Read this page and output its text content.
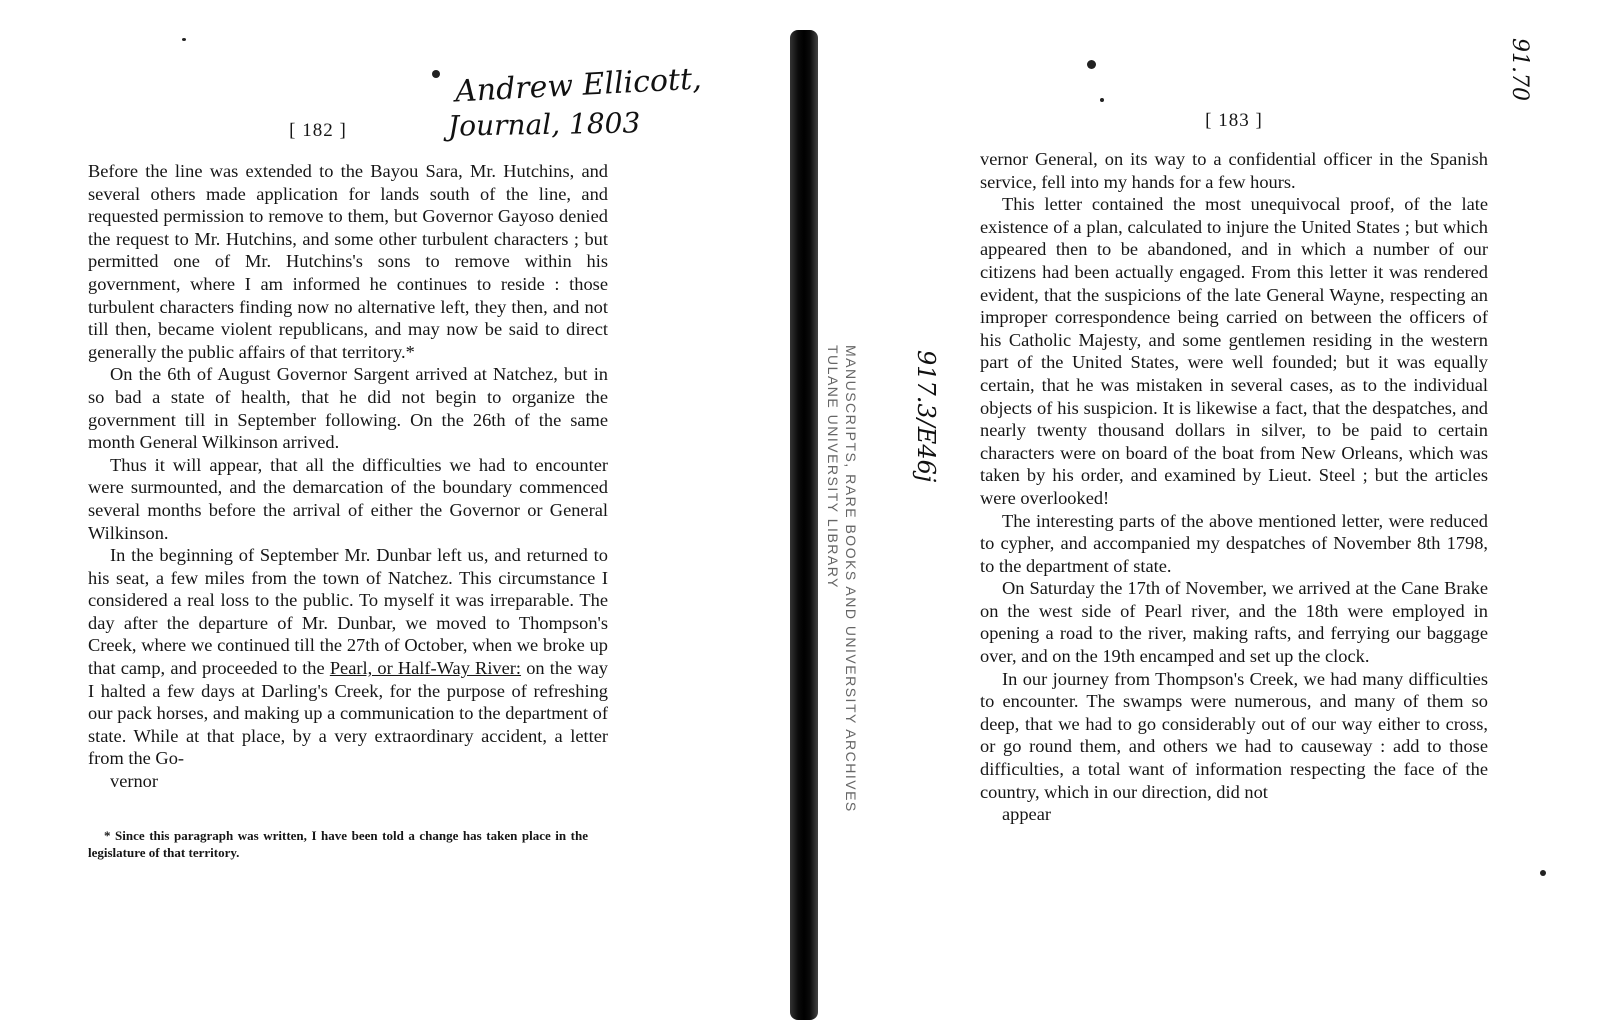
Andrew Ellicott,
Journal, 1803
91.70
917.3/E46j
MANUSCRIPTS, RARE BOOKS AND UNIVERSITY ARCHIVES
TULANE UNIVERSITY LIBRARY
[ 182 ]

Before the line was extended to the Bayou Sara, Mr. Hutchins, and several others made application for lands south of the line, and requested permission to remove to them, but Governor Gayoso denied the request to Mr. Hutchins, and some other turbulent characters ; but permitted one of Mr. Hutchins's sons to remove within his government, where I am informed he continues to reside : those turbulent characters finding now no alternative left, they then, and not till then, became violent republicans, and may now be said to direct generally the public affairs of that territory.*

On the 6th of August Governor Sargent arrived at Natchez, but in so bad a state of health, that he did not begin to organize the government till in September following. On the 26th of the same month General Wilkinson arrived.

Thus it will appear, that all the difficulties we had to encounter were surmounted, and the demarcation of the boundary commenced several months before the arrival of either the Governor or General Wilkinson.

In the beginning of September Mr. Dunbar left us, and returned to his seat, a few miles from the town of Natchez. This circumstance I considered a real loss to the public. To myself it was irreparable. The day after the departure of Mr. Dunbar, we moved to Thompson's Creek, where we continued till the 27th of October, when we broke up that camp, and proceeded to the Pearl, or Half-Way River: on the way I halted a few days at Darling's Creek, for the purpose of refreshing our pack horses, and making up a communication to the department of state. While at that place, by a very extraordinary accident, a letter from the Go-

vernor

* Since this paragraph was written, I have been told a change has taken place in the legislature of that territory.
[ 183 ]

vernor General, on its way to a confidential officer in the Spanish service, fell into my hands for a few hours.

This letter contained the most unequivocal proof, of the late existence of a plan, calculated to injure the United States ; but which appeared then to be abandoned, and in which a number of our citizens had been actually engaged. From this letter it was rendered evident, that the suspicions of the late General Wayne, respecting an improper correspondence being carried on between the officers of his Catholic Majesty, and some gentlemen residing in the western part of the United States, were well founded; but it was equally certain, that he was mistaken in several cases, as to the individual objects of his suspicion. It is likewise a fact, that the despatches, and nearly twenty thousand dollars in silver, to be paid to certain characters were on board of the boat from New Orleans, which was taken by his order, and examined by Lieut. Steel ; but the articles were overlooked!

The interesting parts of the above mentioned letter, were reduced to cypher, and accompanied my despatches of November 8th 1798, to the department of state.

On Saturday the 17th of November, we arrived at the Cane Brake on the west side of Pearl river, and the 18th were employed in opening a road to the river, making rafts, and ferrying our baggage over, and on the 19th encamped and set up the clock.

In our journey from Thompson's Creek, we had many difficulties to encounter. The swamps were numerous, and many of them so deep, that we had to go considerably out of our way either to cross, or go round them, and others we had to causeway : add to those difficulties, a total want of information respecting the face of the country, which in our direction, did not

appear
